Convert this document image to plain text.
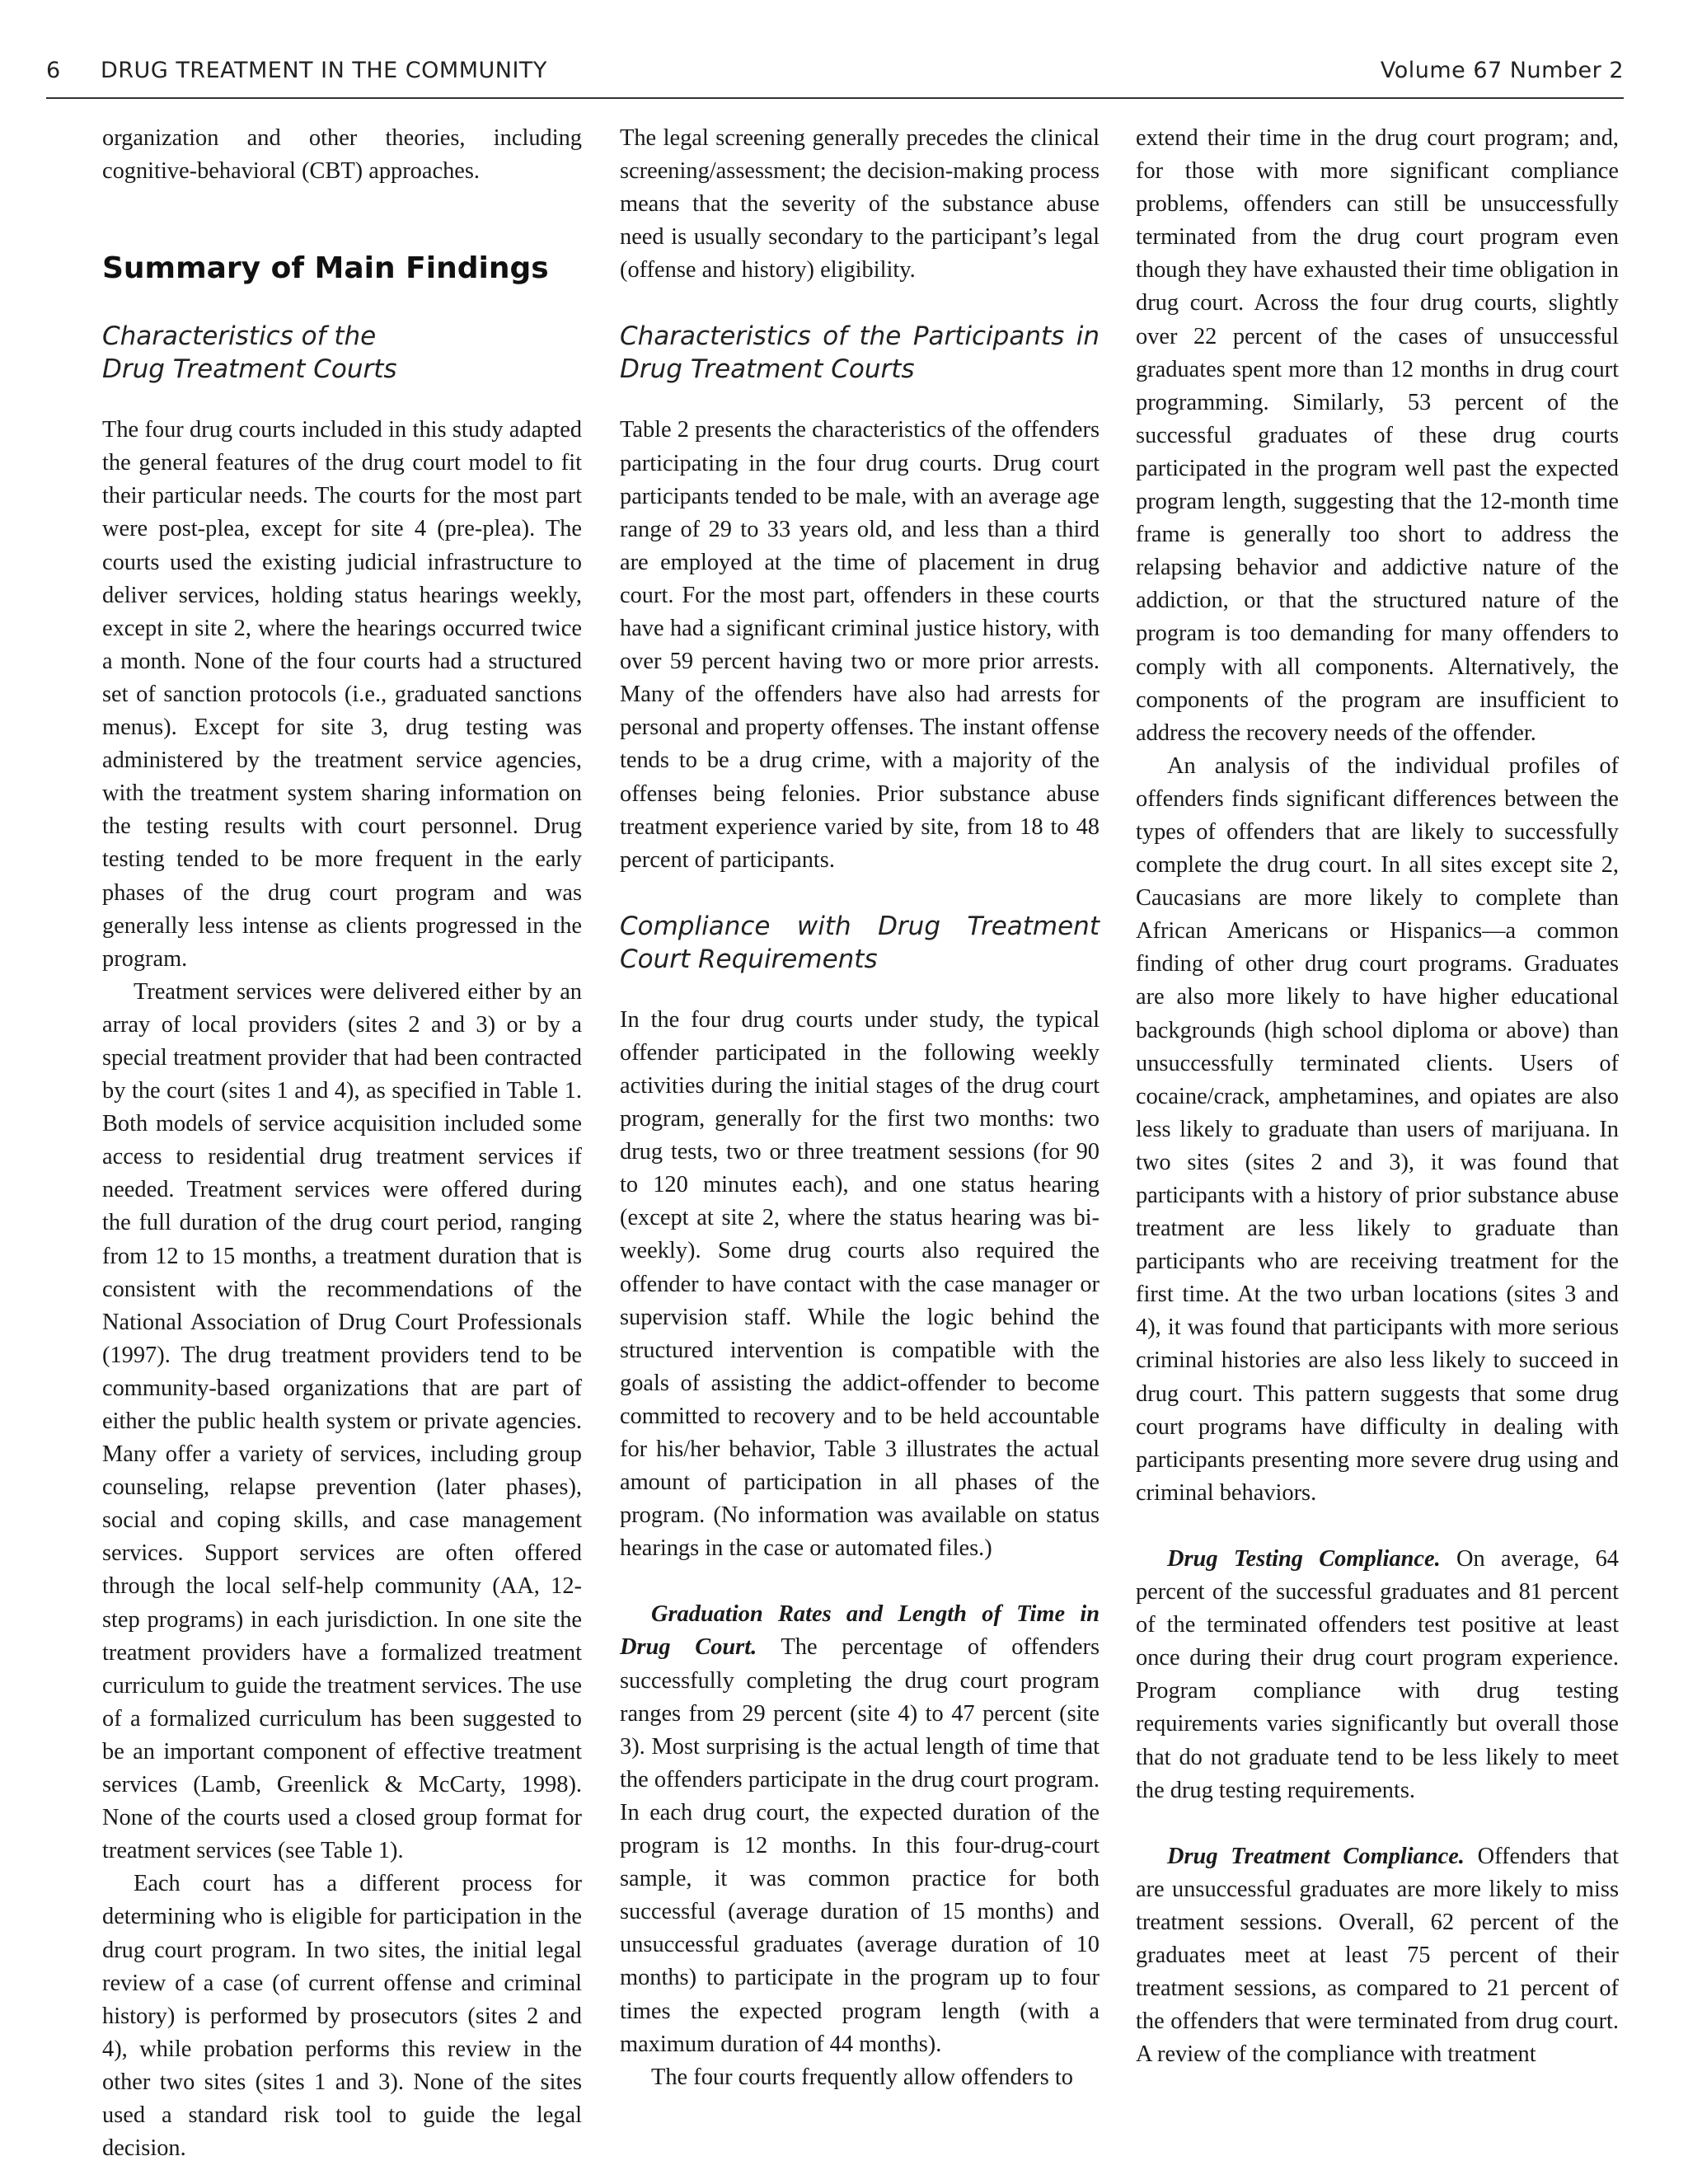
6 DRUG TREATMENT IN THE COMMUNITY	Volume 67 Number 2

organization and other theories, including cognitive-behavioral (CBT) approaches.

Summary of Main Findings
Characteristics of the Drug Treatment Courts

The four drug courts included in this study adapted the general features of the drug court model to fit their particular needs. The courts for the most part were post-plea, except for site 4 (pre-plea). The courts used the existing judicial infrastructure to deliver services, holding status hearings weekly, except in site 2, where the hearings occurred twice a month. None of the four courts had a structured set of sanction protocols (i.e., graduated sanctions menus). Except for site 3, drug testing was administered by the treatment service agencies, with the treatment system sharing information on the testing results with court personnel. Drug testing tended to be more frequent in the early phases of the drug court program and was generally less intense as clients progressed in the program.

Treatment services were delivered either by an array of local providers (sites 2 and 3) or by a special treatment provider that had been contracted by the court (sites 1 and 4), as specified in Table 1. Both models of service acquisition included some access to residential drug treatment services if needed. Treatment services were offered during the full duration of the drug court period, ranging from 12 to 15 months, a treatment duration that is consistent with the recommendations of the National Association of Drug Court Professionals (1997). The drug treatment providers tend to be community-based organizations that are part of either the public health system or private agencies. Many offer a variety of services, including group counseling, relapse prevention (later phases), social and coping skills, and case management services. Support services are often offered through the local self-help community (AA, 12-step programs) in each jurisdiction. In one site the treatment providers have a formalized treatment curriculum to guide the treatment services. The use of a formalized curriculum has been suggested to be an important component of effective treatment services (Lamb, Greenlick & McCarty, 1998). None of the courts used a closed group format for treatment services (see Table 1).

Each court has a different process for determining who is eligible for participation in the drug court program. In two sites, the initial legal review of a case (of current offense and criminal history) is performed by prosecutors (sites 2 and 4), while probation performs this review in the other two sites (sites 1 and 3). None of the sites used a standard risk tool to guide the legal decision.

The legal screening generally precedes the clinical screening/assessment; the decision-making process means that the severity of the substance abuse need is usually secondary to the participant’s legal (offense and history) eligibility.

Characteristics of the Participants in Drug Treatment Courts

Table 2 presents the characteristics of the offenders participating in the four drug courts. Drug court participants tended to be male, with an average age range of 29 to 33 years old, and less than a third are employed at the time of placement in drug court. For the most part, offenders in these courts have had a significant criminal justice history, with over 59 percent having two or more prior arrests. Many of the offenders have also had arrests for personal and property offenses. The instant offense tends to be a drug crime, with a majority of the offenses being felonies. Prior substance abuse treatment experience varied by site, from 18 to 48 percent of participants.

Compliance with Drug Treatment Court Requirements

In the four drug courts under study, the typical offender participated in the following weekly activities during the initial stages of the drug court program, generally for the first two months: two drug tests, two or three treatment sessions (for 90 to 120 minutes each), and one status hearing (except at site 2, where the status hearing was bi-weekly). Some drug courts also required the offender to have contact with the case manager or supervision staff. While the logic behind the structured intervention is compatible with the goals of assisting the addict-offender to become committed to recovery and to be held accountable for his/her behavior, Table 3 illustrates the actual amount of participation in all phases of the program. (No information was available on status hearings in the case or automated files.)

Graduation Rates and Length of Time in Drug Court. The percentage of offenders successfully completing the drug court program ranges from 29 percent (site 4) to 47 percent (site 3). Most surprising is the actual length of time that the offenders participate in the drug court program. In each drug court, the expected duration of the program is 12 months. In this four-drug-court sample, it was common practice for both successful (average duration of 15 months) and unsuccessful graduates (average duration of 10 months) to participate in the program up to four times the expected program length (with a maximum duration of 44 months).

The four courts frequently allow offenders to

extend their time in the drug court program; and, for those with more significant compliance problems, offenders can still be unsuccessfully terminated from the drug court program even though they have exhausted their time obligation in drug court. Across the four drug courts, slightly over 22 percent of the cases of unsuccessful graduates spent more than 12 months in drug court programming. Similarly, 53 percent of the successful graduates of these drug courts participated in the program well past the expected program length, suggesting that the 12-month time frame is generally too short to address the relapsing behavior and addictive nature of the addiction, or that the structured nature of the program is too demanding for many offenders to comply with all components. Alternatively, the components of the program are insufficient to address the recovery needs of the offender.

An analysis of the individual profiles of offenders finds significant differences between the types of offenders that are likely to successfully complete the drug court. In all sites except site 2, Caucasians are more likely to complete than African Americans or Hispanics—a common finding of other drug court programs. Graduates are also more likely to have higher educational backgrounds (high school diploma or above) than unsuccessfully terminated clients. Users of cocaine/crack, amphetamines, and opiates are also less likely to graduate than users of marijuana. In two sites (sites 2 and 3), it was found that participants with a history of prior substance abuse treatment are less likely to graduate than participants who are receiving treatment for the first time. At the two urban locations (sites 3 and 4), it was found that participants with more serious criminal histories are also less likely to succeed in drug court. This pattern suggests that some drug court programs have difficulty in dealing with participants presenting more severe drug using and criminal behaviors.

Drug Testing Compliance. On average, 64 percent of the successful graduates and 81 percent of the terminated offenders test positive at least once during their drug court program experience. Program compliance with drug testing requirements varies significantly but overall those that do not graduate tend to be less likely to meet the drug testing requirements.

Drug Treatment Compliance. Offenders that are unsuccessful graduates are more likely to miss treatment sessions. Overall, 62 percent of the graduates meet at least 75 percent of their treatment sessions, as compared to 21 percent of the offenders that were terminated from drug court. A review of the compliance with treatment
